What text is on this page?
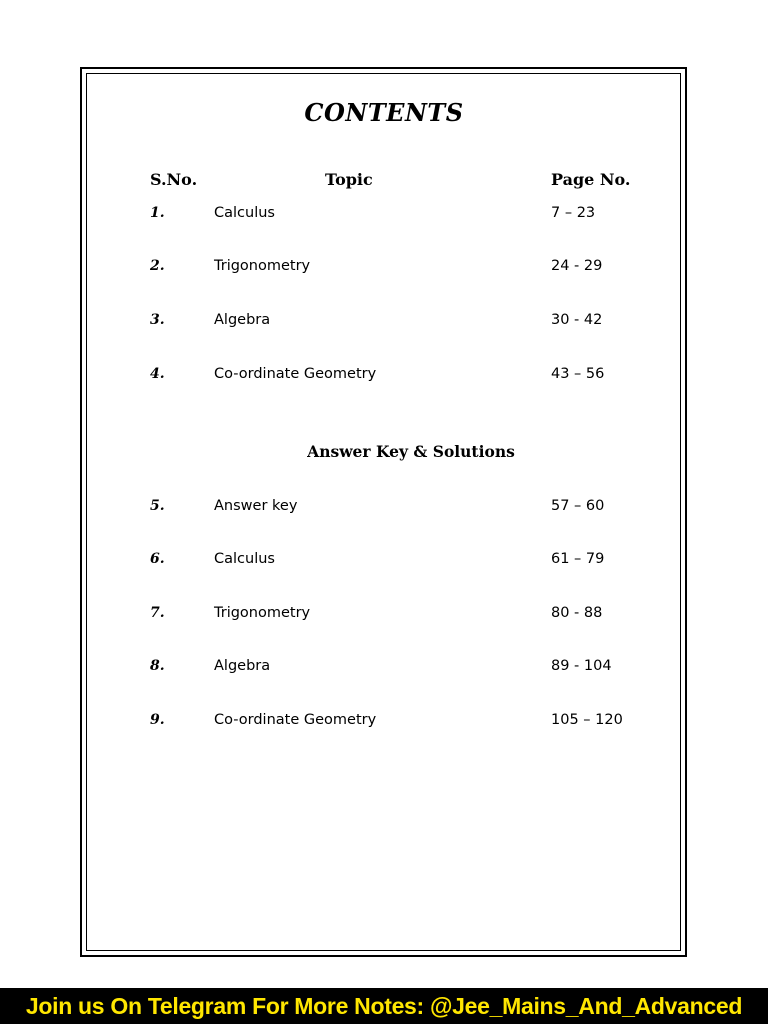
CONTENTS
S.No.	Topic	Page No.
1.	Calculus	7 – 23
2.	Trigonometry	24 - 29
3.	Algebra	30 - 42
4.	Co-ordinate Geometry	43 – 56
Answer Key & Solutions
5.	Answer key	57 – 60
6.	Calculus	61 – 79
7.	Trigonometry	80 - 88
8.	Algebra	89 - 104
9.	Co-ordinate Geometry	105 – 120
Join us On Telegram For More Notes: @Jee_Mains_And_Advanced
